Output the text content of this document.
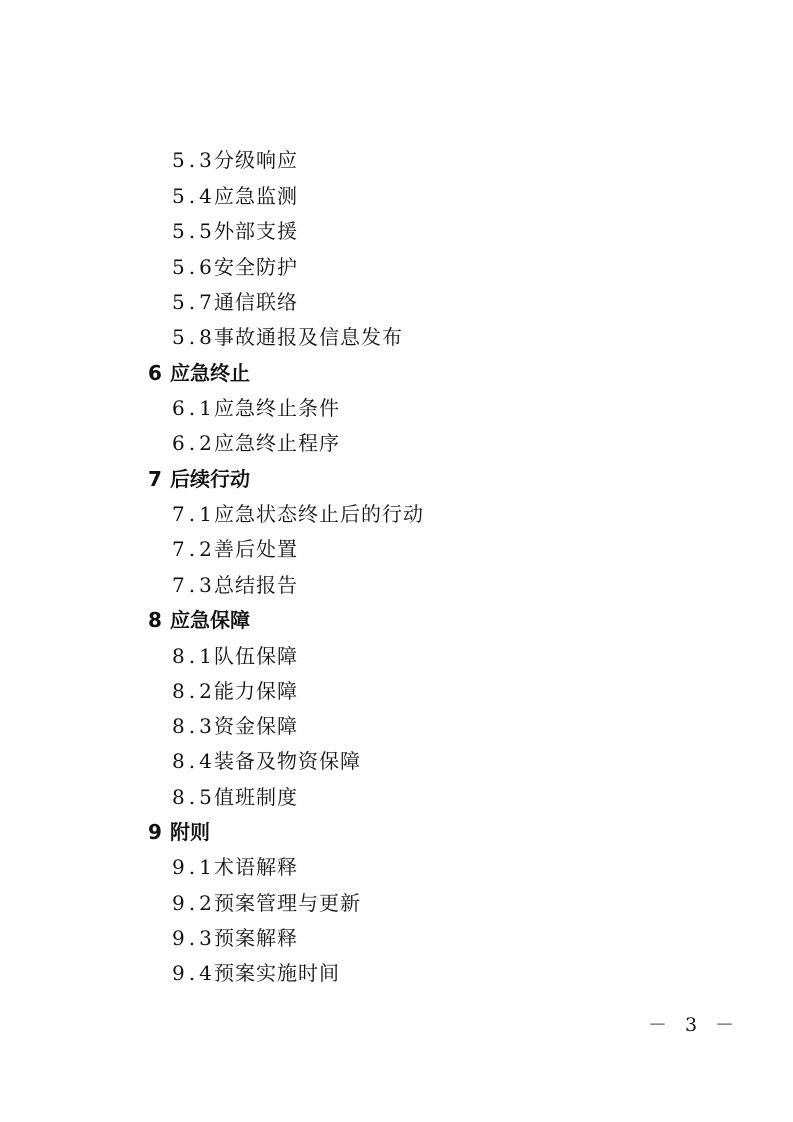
5.3分级响应
5.4应急监测
5.5外部支援
5.6安全防护
5.7通信联络
5.8事故通报及信息发布
6 应急终止
6.1应急终止条件
6.2应急终止程序
7 后续行动
7.1应急状态终止后的行动
7.2善后处置
7.3总结报告
8 应急保障
8.1队伍保障
8.2能力保障
8.3资金保障
8.4装备及物资保障
8.5值班制度
9 附则
9.1术语解释
9.2预案管理与更新
9.3预案解释
9.4预案实施时间
－ 3 －
